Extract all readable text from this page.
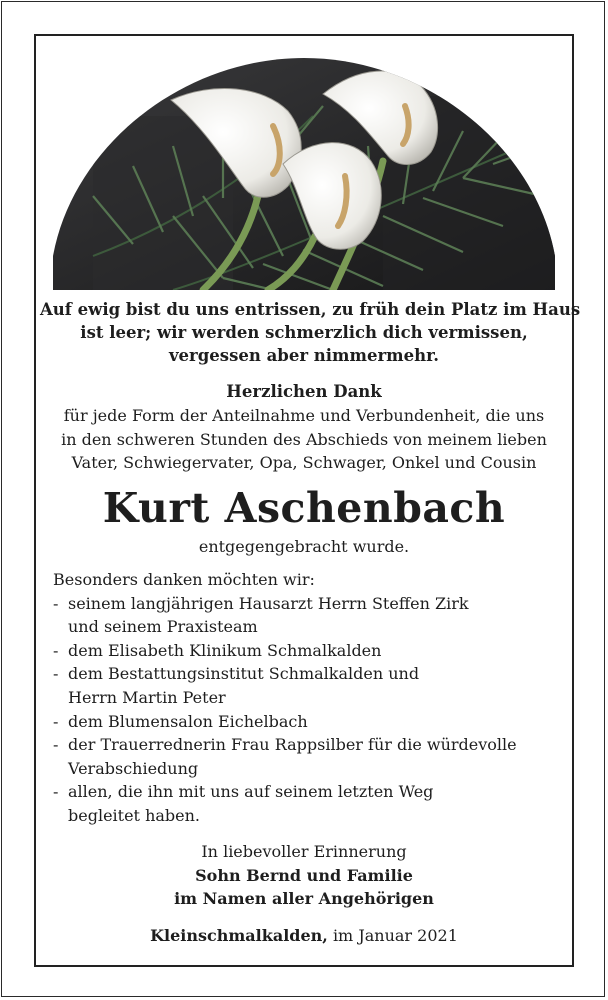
Auf ewig bist du uns entrissen, zu früh dein Platz im Haus
ist leer; wir werden schmerzlich dich vermissen,
vergessen aber nimmermehr.
Herzlichen Dank
für jede Form der Anteilnahme und Verbundenheit, die uns
in den schweren Stunden des Abschieds von meinem lieben
Vater, Schwiegervater, Opa, Schwager, Onkel und Cousin
Kurt Aschenbach
entgegengebracht wurde.
Besonders danken möchten wir:
- seinem langjährigen Hausarzt Herrn Steffen Zirk
und seinem Praxisteam
- dem Elisabeth Klinikum Schmalkalden
- dem Bestattungsinstitut Schmalkalden und
Herrn Martin Peter
- dem Blumensalon Eichelbach
- der Trauerrednerin Frau Rappsilber für die würdevolle
Verabschiedung
- allen, die ihn mit uns auf seinem letzten Weg
begleitet haben.
In liebevoller Erinnerung
Sohn Bernd und Familie
im Namen aller Angehörigen
Kleinschmalkalden, im Januar 2021
